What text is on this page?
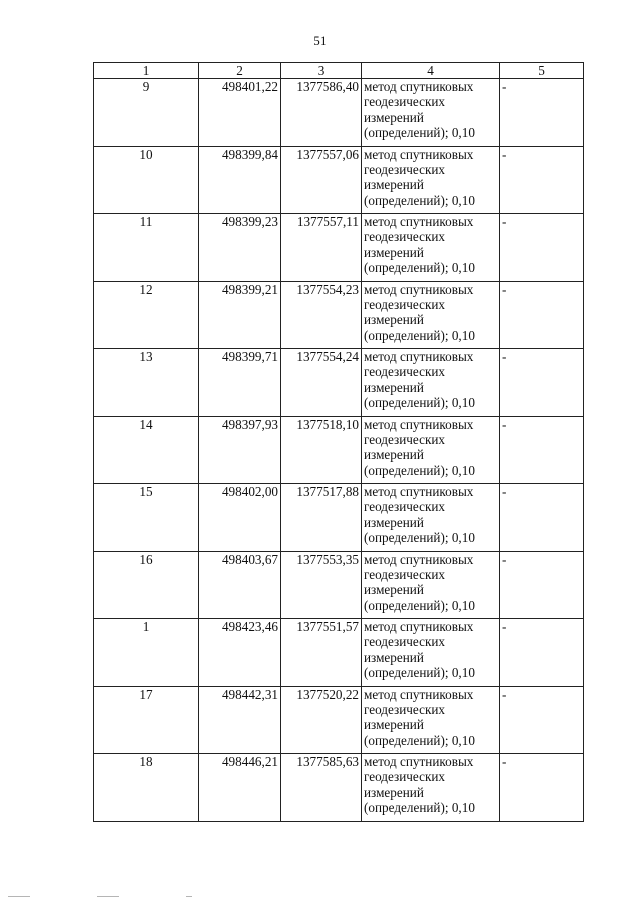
51
1	2	3	4	5
9	498401,22	1377586,40	метод спутниковых
геодезических
измерений
(определений); 0,10	-
10	498399,84	1377557,06	метод спутниковых
геодезических
измерений
(определений); 0,10	-
11	498399,23	1377557,11	метод спутниковых
геодезических
измерений
(определений); 0,10	-
12	498399,21	1377554,23	метод спутниковых
геодезических
измерений
(определений); 0,10	-
13	498399,71	1377554,24	метод спутниковых
геодезических
измерений
(определений); 0,10	-
14	498397,93	1377518,10	метод спутниковых
геодезических
измерений
(определений); 0,10	-
15	498402,00	1377517,88	метод спутниковых
геодезических
измерений
(определений); 0,10	-
16	498403,67	1377553,35	метод спутниковых
геодезических
измерений
(определений); 0,10	-
1	498423,46	1377551,57	метод спутниковых
геодезических
измерений
(определений); 0,10	-
17	498442,31	1377520,22	метод спутниковых
геодезических
измерений
(определений); 0,10	-
18	498446,21	1377585,63	метод спутниковых
геодезических
измерений
(определений); 0,10	-
